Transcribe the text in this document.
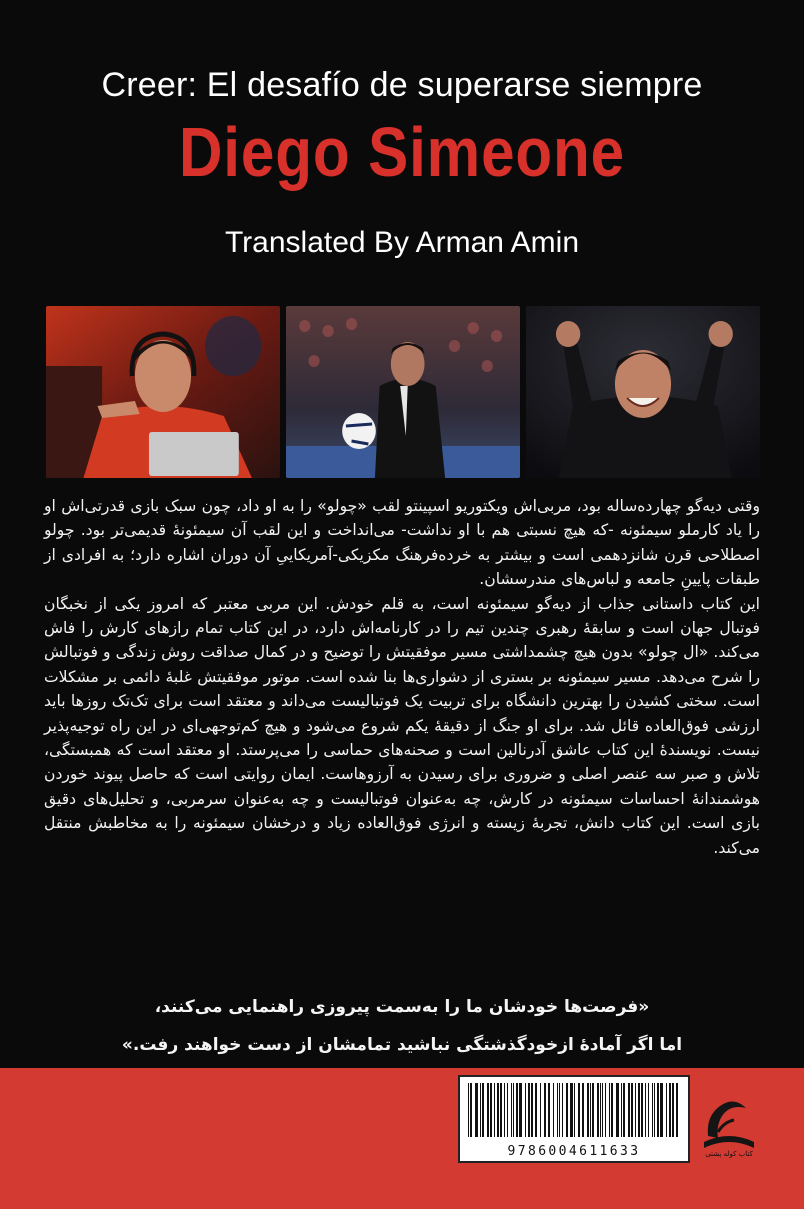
Creer: El desafío de superarse siempre
Diego Simeone
Translated By Arman Amin

وقتی دیه‌گو چهارده‌ساله بود، مربی‌اش ویکتوریو اسپینتو لقب «چولو» را به او داد، چون سبک بازی قدرتی‌اش او را یاد کارملو سیمئونه -که هیچ نسبتی هم با او نداشت- می‌انداخت و این لقب آن سیمئونهٔ قدیمی‌تر بود. چولو اصطلاحی قرن شانزدهمی است و بیشتر به خرده‌فرهنگ مکزیکی-آمریکاییِ آن دوران اشاره دارد؛ به افرادی از طبقات پایینِ جامعه و لباس‌های مندرسشان.

این کتاب داستانی جذاب از دیه‌گو سیمئونه است، به قلم خودش. این مربی معتبر که امروز یکی از نخبگان فوتبال جهان است و سابقهٔ رهبری چندین تیم را در کارنامه‌اش دارد، در این کتاب تمام رازهای کارش را فاش می‌کند. «ال چولو» بدون هیچ چشمداشتی مسیر موفقیتش را توضیح و در کمال صداقت روش زندگی و فوتبالش را شرح می‌دهد. مسیر سیمئونه بر بستری از دشواری‌ها بنا شده است. موتور موفقیتش غلبهٔ دائمی بر مشکلات است. سختی کشیدن را بهترین دانشگاه برای تربیت یک فوتبالیست می‌داند و معتقد است برای تک‌تک روزها باید ارزشی فوق‌العاده قائل شد. برای او جنگ از دقیقهٔ یکم شروع می‌شود و هیچ کم‌توجهی‌ای در این راه توجیه‌پذیر نیست. نویسندهٔ این کتاب عاشق آدرنالین است و صحنه‌های حماسی را می‌پرستد. او معتقد است که همبستگی، تلاش و صبر سه عنصر اصلی و ضروری برای رسیدن به آرزوهاست. ایمان روایتی است که حاصل پیوند خوردن هوشمندانهٔ احساسات سیمئونه در کارش، چه به‌عنوان فوتبالیست و چه به‌عنوان سرمربی، و تحلیل‌های دقیق بازی است. این کتاب دانش، تجربهٔ زیسته و انرژی فوق‌العاده زیاد و درخشان سیمئونه را به مخاطبش منتقل می‌کند.

«فرصت‌ها خودشان ما را به‌سمت پیروزی راهنمایی می‌کنند،

اما اگر آمادهٔ ازخودگذشتگی نباشید تمامشان از دست خواهند رفت.»

9786004611633	کتاب کوله پشتی
